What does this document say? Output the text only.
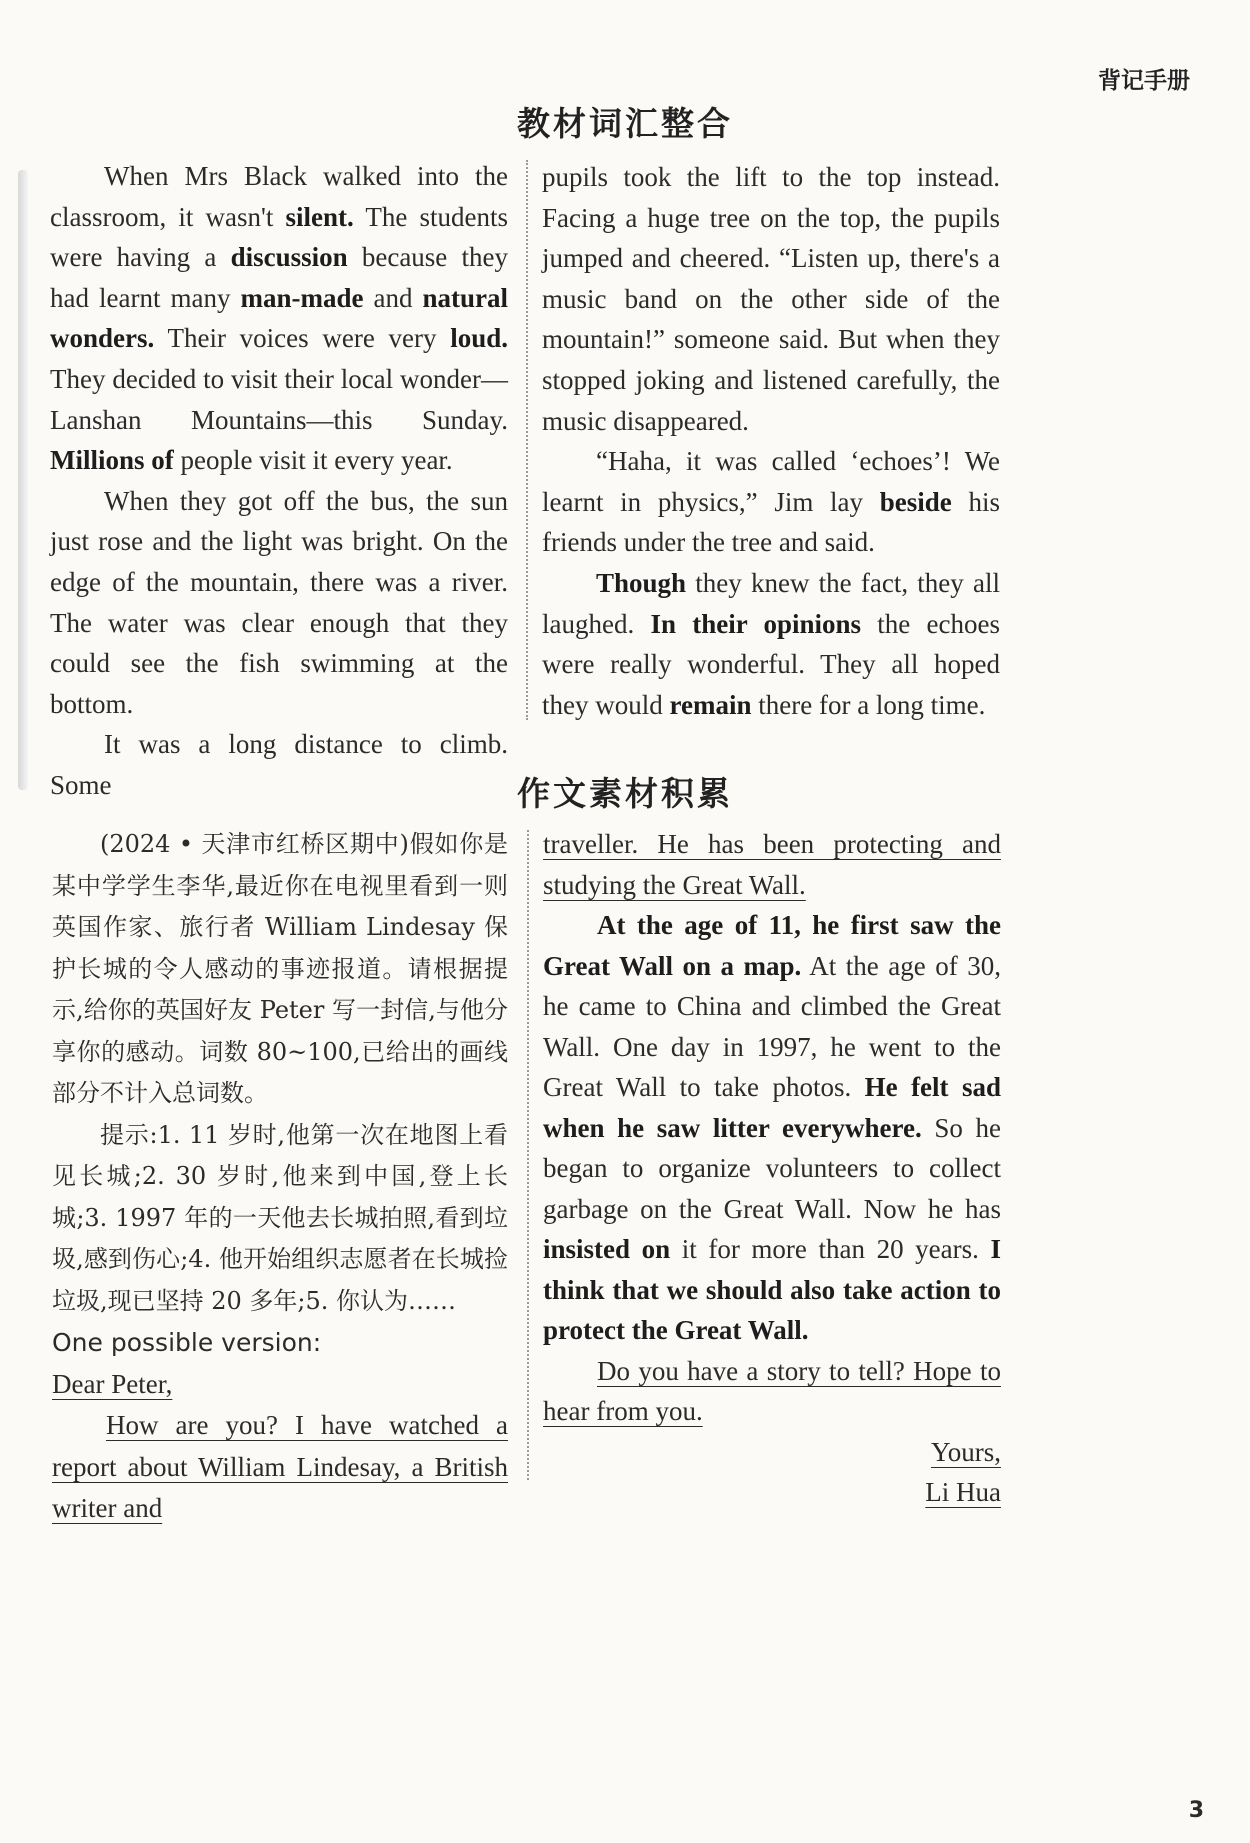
背记手册
教材词汇整合

When Mrs Black walked into the classroom, it wasn't silent. The students were having a discussion because they had learnt many man-made and natural wonders. Their voices were very loud. They decided to visit their local wonder—Lanshan Mountains—this Sunday. Millions of people visit it every year.

When they got off the bus, the sun just rose and the light was bright. On the edge of the mountain, there was a river. The water was clear enough that they could see the fish swimming at the bottom.

It was a long distance to climb. Some

pupils took the lift to the top instead. Facing a huge tree on the top, the pupils jumped and cheered. “Listen up, there's a music band on the other side of the mountain!” someone said. But when they stopped joking and listened carefully, the music disappeared.

“Haha, it was called ‘echoes’! We learnt in physics,” Jim lay beside his friends under the tree and said.

Though they knew the fact, they all laughed. In their opinions the echoes were really wonderful. They all hoped they would remain there for a long time.

作文素材积累

(2024 • 天津市红桥区期中)假如你是某中学学生李华,最近你在电视里看到一则英国作家、旅行者 William Lindesay 保护长城的令人感动的事迹报道。请根据提示,给你的英国好友 Peter 写一封信,与他分享你的感动。词数 80~100,已给出的画线部分不计入总词数。

提示:1. 11 岁时,他第一次在地图上看见长城;2. 30 岁时,他来到中国,登上长城;3. 1997 年的一天他去长城拍照,看到垃圾,感到伤心;4. 他开始组织志愿者在长城捡垃圾,现已坚持 20 多年;5. 你认为……

One possible version:

Dear Peter,

How are you? I have watched a report about William Lindesay, a British writer and

traveller. He has been protecting and studying the Great Wall.

At the age of 11, he first saw the Great Wall on a map. At the age of 30, he came to China and climbed the Great Wall. One day in 1997, he went to the Great Wall to take photos. He felt sad when he saw litter everywhere. So he began to organize volunteers to collect garbage on the Great Wall. Now he has insisted on it for more than 20 years. I think that we should also take action to protect the Great Wall.

Do you have a story to tell? Hope to hear from you.

Yours,

Li Hua

3
